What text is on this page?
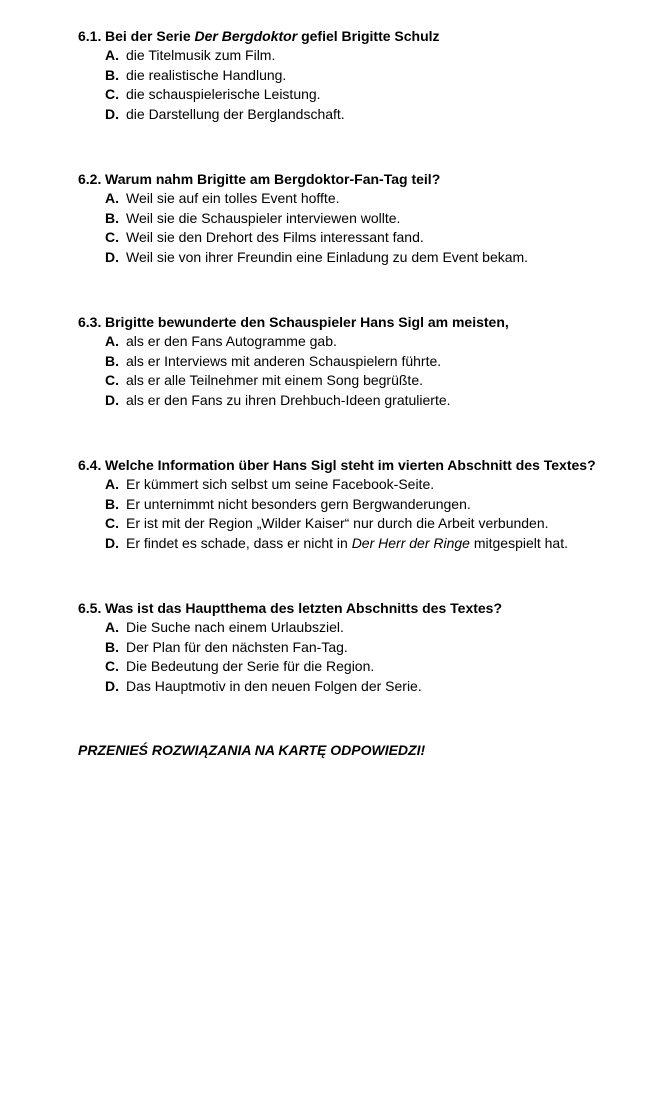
6.1. Bei der Serie Der Bergdoktor gefiel Brigitte Schulz
A. die Titelmusik zum Film.
B. die realistische Handlung.
C. die schauspielerische Leistung.
D. die Darstellung der Berglandschaft.
6.2. Warum nahm Brigitte am Bergdoktor-Fan-Tag teil?
A. Weil sie auf ein tolles Event hoffte.
B. Weil sie die Schauspieler interviewen wollte.
C. Weil sie den Drehort des Films interessant fand.
D. Weil sie von ihrer Freundin eine Einladung zu dem Event bekam.
6.3. Brigitte bewunderte den Schauspieler Hans Sigl am meisten,
A. als er den Fans Autogramme gab.
B. als er Interviews mit anderen Schauspielern führte.
C. als er alle Teilnehmer mit einem Song begrüßte.
D. als er den Fans zu ihren Drehbuch-Ideen gratulierte.
6.4. Welche Information über Hans Sigl steht im vierten Abschnitt des Textes?
A. Er kümmert sich selbst um seine Facebook-Seite.
B. Er unternimmt nicht besonders gern Bergwanderungen.
C. Er ist mit der Region „Wilder Kaiser“ nur durch die Arbeit verbunden.
D. Er findet es schade, dass er nicht in Der Herr der Ringe mitgespielt hat.
6.5. Was ist das Hauptthema des letzten Abschnitts des Textes?
A. Die Suche nach einem Urlaubsziel.
B. Der Plan für den nächsten Fan-Tag.
C. Die Bedeutung der Serie für die Region.
D. Das Hauptmotiv in den neuen Folgen der Serie.
PRZENIEŚ ROZWIĄZANIA NA KARTĘ ODPOWIEDZI!
